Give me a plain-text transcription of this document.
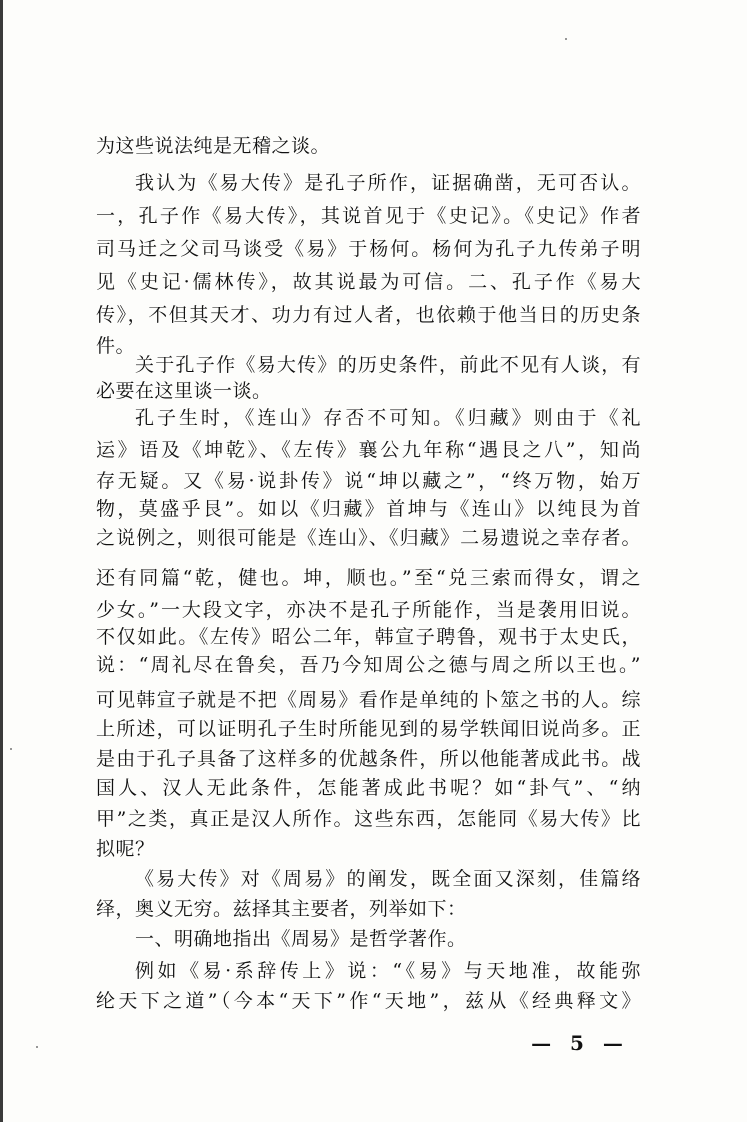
为这些说法纯是无稽之谈。
我认为《易大传》是孔子所作，证据确凿，无可否认。
一，孔子作《易大传》，其说首见于《史记》。《史记》作者
司马迁之父司马谈受《易》于杨何。杨何为孔子九传弟子明
见《史记·儒林传》，故其说最为可信。二、孔子作《易大
传》，不但其天才、功力有过人者，也依赖于他当日的历史条
件。
关于孔子作《易大传》的历史条件，前此不见有人谈，有
必要在这里谈一谈。
孔子生时，《连山》存否不可知。《归藏》则由于《礼
运》语及《坤乾》、《左传》襄公九年称“遇艮之八”，知尚
存无疑。又《易·说卦传》说“坤以藏之”，“终万物，始万
物，莫盛乎艮”。如以《归藏》首坤与《连山》以纯艮为首
之说例之，则很可能是《连山》、《归藏》二易遗说之幸存者。
还有同篇“乾，健也。坤，顺也。”至“兑三索而得女，谓之
少女。”一大段文字，亦决不是孔子所能作，当是袭用旧说。
不仅如此。《左传》昭公二年，韩宣子聘鲁，观书于太史氏，
说：“周礼尽在鲁矣，吾乃今知周公之德与周之所以王也。”
可见韩宣子就是不把《周易》看作是单纯的卜筮之书的人。综
上所述，可以证明孔子生时所能见到的易学轶闻旧说尚多。正
是由于孔子具备了这样多的优越条件，所以他能著成此书。战
国人、汉人无此条件，怎能著成此书呢？如“卦气”、“纳
甲”之类，真正是汉人所作。这些东西，怎能同《易大传》比
拟呢？
《易大传》对《周易》的阐发，既全面又深刻，佳篇络
绎，奥义无穷。兹择其主要者，列举如下：
一、明确地指出《周易》是哲学著作。
例如《易·系辞传上》说：“《易》与天地准，故能弥
纶天下之道”（今本“天下”作“天地”，兹从《经典释文》
— 5 —
